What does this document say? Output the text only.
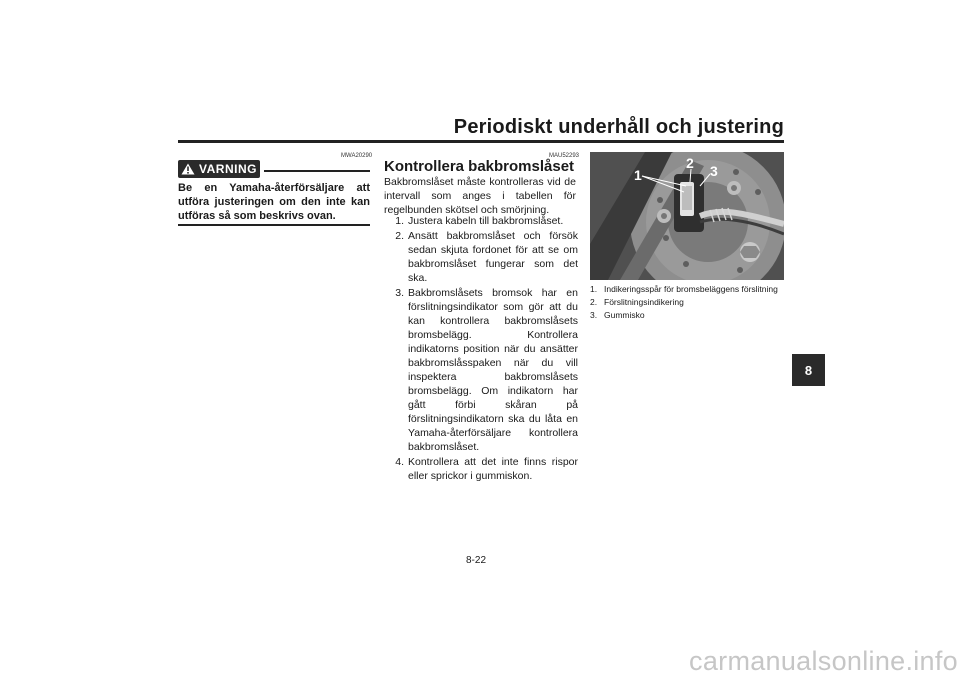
Periodiskt underhåll och justering
MWA20290
VARNING
Be en Yamaha-återförsäljare att utföra justeringen om den inte kan utföras så som beskrivs ovan.
MAU52293
Kontrollera bakbromslåset
Bakbromslåset måste kontrolleras vid de intervall som anges i tabellen för regelbunden skötsel och smörjning.
1. Justera kabeln till bakbromslåset.
2. Ansätt bakbromslåset och försök sedan skjuta fordonet för att se om bakbromslåset fungerar som det ska.
3. Bakbromslåsets bromsok har en förslitningsindikator som gör att du kan kontrollera bakbromslåsets bromsbelägg. Kontrollera indikatorns position när du ansätter bakbromslåsspaken när du vill inspektera bakbromslåsets bromsbelägg. Om indikatorn har gått förbi skåran på förslitningsindikatorn ska du låta en Yamaha-återförsäljare kontrollera bakbromslåset.
4. Kontrollera att det inte finns rispor eller sprickor i gummiskon.
1
2 3
1. Indikeringsspår för bromsbeläggens förslitning
2. Förslitningsindikering
3. Gummisko
8
8-22
carmanualsonline.info
